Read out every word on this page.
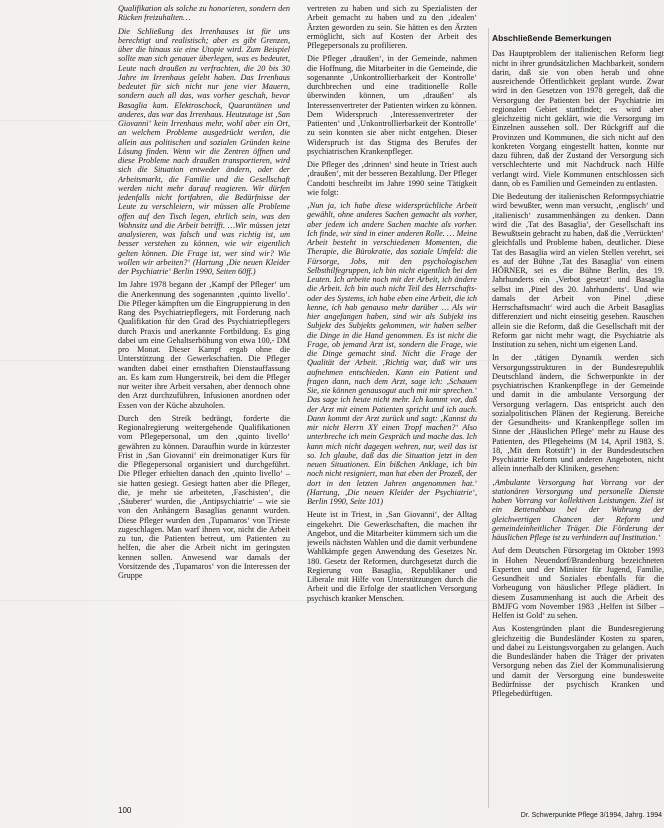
Qualifikation als solche zu honorieren, sondern den Rücken freizuhalten…

Die Schließung des Irrenhauses ist für uns berechtigt und realistisch; aber es gibt Grenzen, über die hinaus sie eine Utopie wird. Zum Beispiel sollte man sich genauer überlegen, was es bedeutet, Leute nach draußen zu verfrachten, die 20 bis 30 Jahre im Irrenhaus gelebt haben. Das Irrenhaus bedeutet für sich nicht nur jene vier Mauern, sondern auch all das, was vorher geschah, bevor Basaglia kam. Elektroschock, Quarantänen und anderes, das war das Irrenhaus. Heutzutage ist ‚San Giovanni‘ kein Irrenhaus mehr, wohl aber ein Ort, an welchem Probleme ausgedrückt werden, die allein aus politischen und sozialen Gründen keine Lösung finden. Wenn wir die Zentren öffnen und diese Probleme nach draußen transportieren, wird sich die Situation entweder ändern, oder der Arbeitsmarkt, die Familie und die Gesellschaft werden nicht mehr darauf reagieren. Wir dürfen jedenfalls nicht fortfahren, die Bedürfnisse der Leute zu verschleiern, wir müssen alle Probleme offen auf den Tisch legen, ehrlich sein, was den Wohnsitz und die Arbeit betrifft. …Wir müssen jetzt analysieren, was falsch und was richtig ist, um besser verstehen zu können, wie wir eigentlich gelten können. Die Frage ist, wer sind wir? Wie wollen wir arbeiten?‘ (Hartung ‚Die neuen Kleider der Psychiatrie‘ Berlin 1990, Seiten 60ff.)

Im Jahre 1978 begann der ‚Kampf der Pfleger‘ um die Anerkennung des sogenannten ‚quinto livello‘. Die Pfleger kämpften um die Eingruppierung in den Rang des Psychiatriepflegers, mit Forderung nach Qualifikation für den Grad des Psychiatriepflegers durch Praxis und anerkannte Fortbildung. Es ging dabei um eine Gehaltserhöhung von etwa 100,- DM pro Monat. Dieser Kampf ergab ohne die Unterstützung der Gewerkschaften. Die Pfleger wandten dabei einer ernsthaften Dienstauffassung an. Es kam zum Hungerstreik, bei dem die Pfleger nur weiter ihre Arbeit versahen, aber dennoch ohne den Arzt durchzuführen, Infusionen anordnen oder Essen von der Küche abzuholen.

Durch den Streik bedrängt, forderte die Regionalregierung weitergehende Qualifikationen vom Pflegepersonal, um den ‚quinto livello‘ gewähren zu können. Daraufhin wurde in kürzester Frist in ‚San Giovanni‘ ein dreimonatiger Kurs für die Pflegepersonal organisiert und durchgeführt. Die Pfleger erhielten danach den ‚quinto livello‘ – sie hatten gesiegt. Gesiegt hatten aber die Pfleger, die, je mehr sie arbeiteten, ‚Faschisten‘, die ‚Säuberer‘ wurden, die ‚Antipsychiatrie‘ – wie sie von den Anhängern Basaglias genannt wurden. Diese Pfleger wurden den ‚Tupamaros‘ von Trieste zugeschlagen. Man warf ihnen vor, nicht die Arbeit zu tun, die Patienten betreut, um Patienten zu helfen, die aber die Arbeit nicht im geringsten kennen sollen. Anwesend war damals der Vorsitzende des ‚Tupamaros‘ von die Interessen der Gruppe

vertreten zu haben und sich zu Spezialisten der Arbeit gemacht zu haben und zu den ‚idealen‘ Ärzten geworden zu sein. Sie hätten es den Ärzten ermöglicht, sich auf Kosten der Arbeit des Pflegepersonals zu profilieren.

Die Pfleger ‚draußen‘, in der Gemeinde, nahmen die Hoffnung, die Mitarbeiter in die Gemeinde, die sogenannte ‚Unkontrollierbarkeit der Kontrolle‘ durchbrechen und eine traditionelle Rolle überwinden können, um ‚draußen‘ als Interessenvertreter der Patienten wirken zu können. Dem Widerspruch ‚Interessenvertreter der Patienten‘ und ‚Unkontrollierbarkeit der Kontrolle‘ zu sein konnten sie aber nicht entgehen. Dieser Widerspruch ist das Stigma des Berufes der psychiatrischen Krankenpfleger.

Die Pfleger des ‚drinnen‘ sind heute in Triest auch ‚draußen‘, mit der besseren Bezahlung. Der Pfleger Candotti beschreibt im Jahre 1990 seine Tätigkeit wie folgt:

‚Nun ja, ich habe diese widersprüchliche Arbeit gewählt, ohne anderes Sachen gemacht als vorher, aber jedem ich andere Sachen machte als vorher. Ich finde, wir sind in einer anderen Rolle. … Meine Arbeit besteht in verschiedenen Momenten, die Therapie, die Bürokratie, das soziale Umfeld: die Fürsorge, Jobs, mit den psychologischen Selbsthilfegruppen, ich bin nicht eigentlich bei den Leuten. Ich arbeite noch mit der Arbeit, ich ändere die Arbeit. Ich bin auch nicht Teil des Herrschafts- oder des Systems, ich habe eben eine Arbeit, die ich kenne, ich hab genauso mehr darüber … Als wir hier angefangen haben, sind wir als Subjekt ins Subjekt des Subjekts gekommen, wir haben selber die Dinge in die Hand genommen. Es ist nicht die Frage, ob jemand Arzt ist, sondern die Frage, wie die Dinge gemacht sind. Nicht die Frage der Qualität der Arbeit. ‚Richtig war, daß wir uns aufnehmen entschieden. Kann ein Patient und fragen dann, nach dem Arzt, sage ich: ‚Schauen Sie, sie können genausogut auch mit mir sprechen.‘ Das sage ich heute nicht mehr. Ich kommt vor, daß der Arzt mit einem Patienten spricht und ich auch. Dann kommt der Arzt zurück und sagt: ‚Kannst du mir nicht Herrn XY einen Tropf machen?‘ Also unterbreche ich mein Gespräch und mache das. Ich kann mich nicht dagegen wehren, nur, weil das ist so. Ich glaube, daß das die Situation jetzt in den neuen Situationen. Ein bißchen Anklage, ich bin noch nicht resigniert, man hat eben der Prozeß, der dort in den letzten Jahren angenommen hat.‘ (Hartung, ‚Die neuen Kleider der Psychiatrie‘, Berlin 1990, Seite 101)

Heute ist in Triest, in ‚San Giovanni‘, der Alltag eingekehrt. Die Gewerkschaften, die machen ihr Angebot, und die Mitarbeiter kümmern sich um die jeweils nächsten Wahlen und die damit verbundene Wahlkämpfe gegen Anwendung des Gesetzes Nr. 180. Gesetz der Reformen, durchgesetzt durch die Regierung von Basaglia, Republikaner und Liberale mit Hilfe von Unterstützungen durch die Arbeit und die Erfolge der staatlichen Versorgung psychisch kranker Menschen.

Abschließende Bemerkungen

Das Hauptproblem der italienischen Reform liegt nicht in ihrer grundsätzlichen Machbarkeit, sondern darin, daß sie von oben herab und ohne ausreichende Öffentlichkeit geplant wurde. Zwar wird in den Gesetzen von 1978 geregelt, daß die Versorgung der Patienten bei der Psychiatrie im regionalen Gebiet stattfindet; es wird aber gleichzeitig nicht geklärt, wie die Versorgung im Einzelnen aussehen soll. Der Rückgriff auf die Provinzen und Kommunen, die sich nicht auf den konkreten Vorgang eingestellt hatten, konnte nur dazu führen, daß der Zustand der Versorgung sich verschlechterte und mit Nachdruck nach Hilfe verlangt wird. Viele Kommunen entschlossen sich dann, ob es Familien und Gemeinden zu entlasten.

Die Bedeutung der italienischen Reformpsychiatrie wird bewußter, wenn man versucht, ‚englisch‘ und ‚italienisch‘ zusammenhängen zu denken. Dann wird die ‚Tat des Basaglia‘, der Gesellschaft ins Bewußtsein gebracht zu haben, daß die ‚Verrückten‘ gleichfalls und Probleme haben, deutlicher. Diese Tat des Basaglia wird an vielen Stellen verehrt, sei es auf der Bühne ‚Tat des Basaglia‘ von einem HÖRNER, sei es die Bühne Berlin, des 19. Jahrhunderts ein ‚Verbot gesetzt‘ und Basaglia selbst im ‚Pinel des 20. Jahrhunderts‘. Und wie damals der Arbeit von Pinel ‚diese Herrschaftsmacht‘ wird auch die Arbeit Basaglias differenziert und nicht einseitig gesehen. Rauschen allein sie die Reform, daß die Gesellschaft mit der Reform gar nicht mehr wagt, die Psychiatrie als Institution zu sehen, nicht um eigenen Land.

In der ‚tätigen Dynamik werden sich Versorgungsstrukturen in der Bundesrepublik Deutschland ändern, die Schwerpunkte in der psychiatrischen Krankenpflege in der Gemeinde und damit in die ambulante Versorgung der Versorgung verlagern. Das entspricht auch den sozialpolitischen Plänen der Regierung. Bereiche der Gesundheits- und Krankenpflege sollen im Sinne der ‚Häuslichen Pflege‘ mehr zu Hause des Patienten, des Pflegeheims (M 14, April 1983, S. 18, ‚Mit dem Rotstift‘) in der Bundesdeutschen Psychiatrie Reform und anderen Angeboten, nicht allein innerhalb der Kliniken, gesehen:

‚Ambulante Versorgung hat Vorrang vor der stationären Versorgung und personelle Dienste haben Vorrang vor kollektiven Leistungen. Ziel ist ein Bettenabbau bei der Wahrung der gleichwertigen Chancen der Reform und gemeindeinheitlicher Träger. Die Förderung der häuslichen Pflege ist zu verhindern auf Institution.‘

Auf dem Deutschen Fürsorgetag im Oktober 1993 in Hohen Neuendorf/Brandenburg bezeichneten Experten und der Minister für Jugend, Familie, Gesundheit und Soziales ebenfalls für die Vorbeugung von häuslicher Pflege plädiert. In diesem Zusammenhang ist auch die Arbeit des BMJFG vom November 1983 ‚Helfen ist Silber – Helfen ist Gold‘ zu sehen.

Aus Kostengründen plant die Bundesregierung gleichzeitig die Bundesländer Kosten zu sparen, und dabei zu Leistungsvorgaben zu gelangen. Auch die Bundesländer haben die Träger der privaten Versorgung neben das Ziel der Kommunalisierung und damit der Versorgung eine bundesweite Bedürfnisse der psychisch Kranken und Pflegebedürftigen.

100
Dr. Schwerpunkte Pflege 3/1994, Jahrg. 1994
